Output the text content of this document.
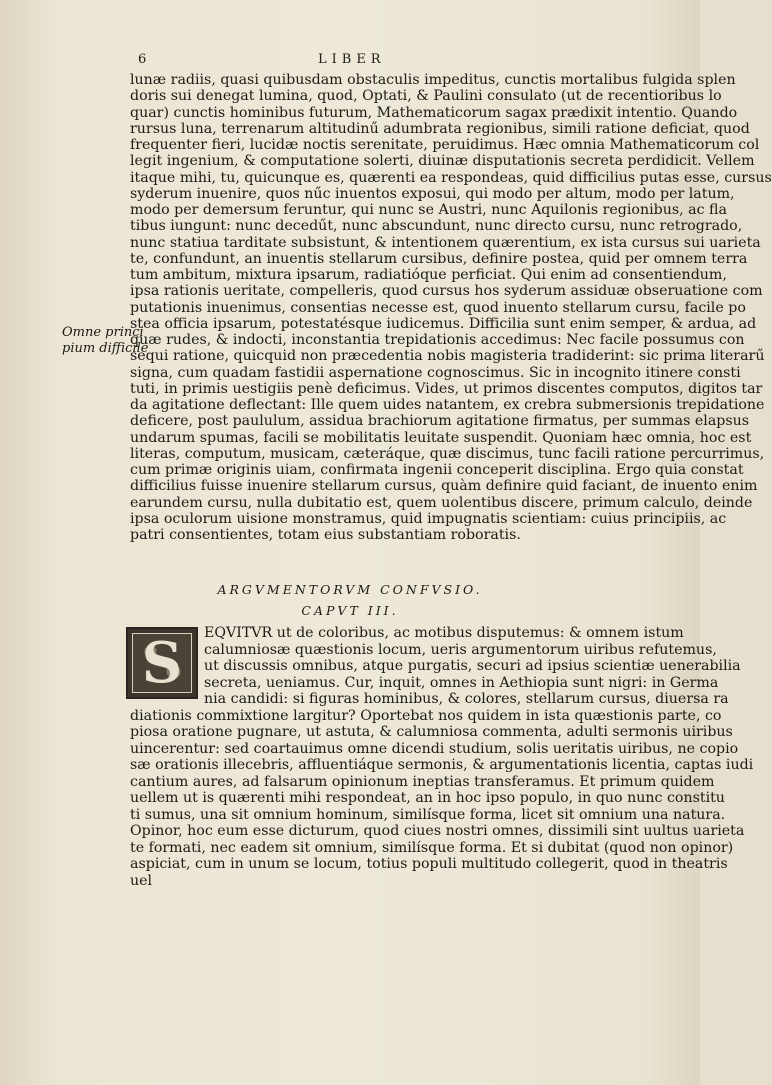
6	LIBER
lunæ radiis, quasi quibusdam obstaculis impeditus, cunctis mortalibus fulgida splen
doris sui denegat lumina, quod, Optati, & Paulini consulato (ut de recentioribus lo
quar) cunctis hominibus futurum, Mathematicorum sagax prædixit intentio. Quando
rursus luna, terrenarum altitudinű adumbrata regionibus, simili ratione deficiat, quod
frequenter fieri, lucidæ noctis serenitate, peruidimus. Hæc omnia Mathematicorum col
legit ingenium, & computatione solerti, diuinæ disputationis secreta perdidicit. Vellem
itaque mihi, tu, quicunque es, quærenti ea respondeas, quid difficilius putas esse, cursus
syderum inuenire, quos nűc inuentos exposui, qui modo per altum, modo per latum,
modo per demersum feruntur, qui nunc se Austri, nunc Aquilonis regionibus, ac fla
tibus iungunt: nunc decedűt, nunc abscundunt, nunc directo cursu, nunc retrogrado,
nunc statiua tarditate subsistunt, & intentionem quærentium, ex ista cursus sui uarieta
te, confundunt, an inuentis stellarum cursibus, definire postea, quid per omnem terra
tum ambitum, mixtura ipsarum, radiatióque perficiat. Qui enim ad consentiendum,
ipsa rationis ueritate, compelleris, quod cursus hos syderum assiduæ obseruatione com
putationis inuenimus, consentias necesse est, quod inuento stellarum cursu, facile po
stea officia ipsarum, potestatésque iudicemus. Difficilia sunt enim semper, & ardua, ad
quæ rudes, & indocti, inconstantia trepidationis accedimus: Nec facile possumus con
sequi ratione, quicquid non præcedentia nobis magisteria tradiderint: sic prima literarű
signa, cum quadam fastidii aspernatione cognoscimus. Sic in incognito itinere consti
tuti, in primis uestigiis penè deficimus. Vides, ut primos discentes computos, digitos tar
da agitatione deflectant: Ille quem uides natantem, ex crebra submersionis trepidatione
deficere, post paululum, assidua brachiorum agitatione firmatus, per summas elapsus
undarum spumas, facili se mobilitatis leuitate suspendit. Quoniam hæc omnia, hoc est
literas, computum, musicam, cæteráque, quæ discimus, tunc facili ratione percurrimus,
cum primæ originis uiam, confirmata ingenii conceperit disciplina. Ergo quia constat
difficilius fuisse inuenire stellarum cursus, quàm definire quid faciant, de inuento enim
earundem cursu, nulla dubitatio est, quem uolentibus discere, primum calculo, deinde
ipsa oculorum uisione monstramus, quid impugnatis scientiam: cuius principiis, ac
patri consentientes, totam eius substantiam roboratis.
Omne princi
pium difficile
ARGVMENTORVM CONFVSIO.
CAPVT III.
S	EQVITVR ut de coloribus, ac motibus disputemus: & omnem istum
calumniosæ quæstionis locum, ueris argumentorum uiribus refutemus,
ut discussis omnibus, atque purgatis, securi ad ipsius scientiæ uenerabilia
secreta, ueniamus. Cur, inquit, omnes in Aethiopia sunt nigri: in Germa
nia candidi: si figuras hominibus, & colores, stellarum cursus, diuersa ra
diationis commixtione largitur? Oportebat nos quidem in ista quæstionis parte, co
piosa oratione pugnare, ut astuta, & calumniosa commenta, adulti sermonis uiribus
uincerentur: sed coartauimus omne dicendi studium, solis ueritatis uiribus, ne copio
sæ orationis illecebris, affluentiáque sermonis, & argumentationis licentia, captas iudi
cantium aures, ad falsarum opinionum ineptias transferamus. Et primum quidem
uellem ut is quærenti mihi respondeat, an in hoc ipso populo, in quo nunc constitu
ti sumus, una sit omnium hominum, similísque forma, licet sit omnium una natura.
Opinor, hoc eum esse dicturum, quod ciues nostri omnes, dissimili sint uultus uarieta
te formati, nec eadem sit omnium, similísque forma. Et si dubitat (quod non opinor)
aspiciat, cum in unum se locum, totius populi multitudo collegerit, quod in theatris
uel
